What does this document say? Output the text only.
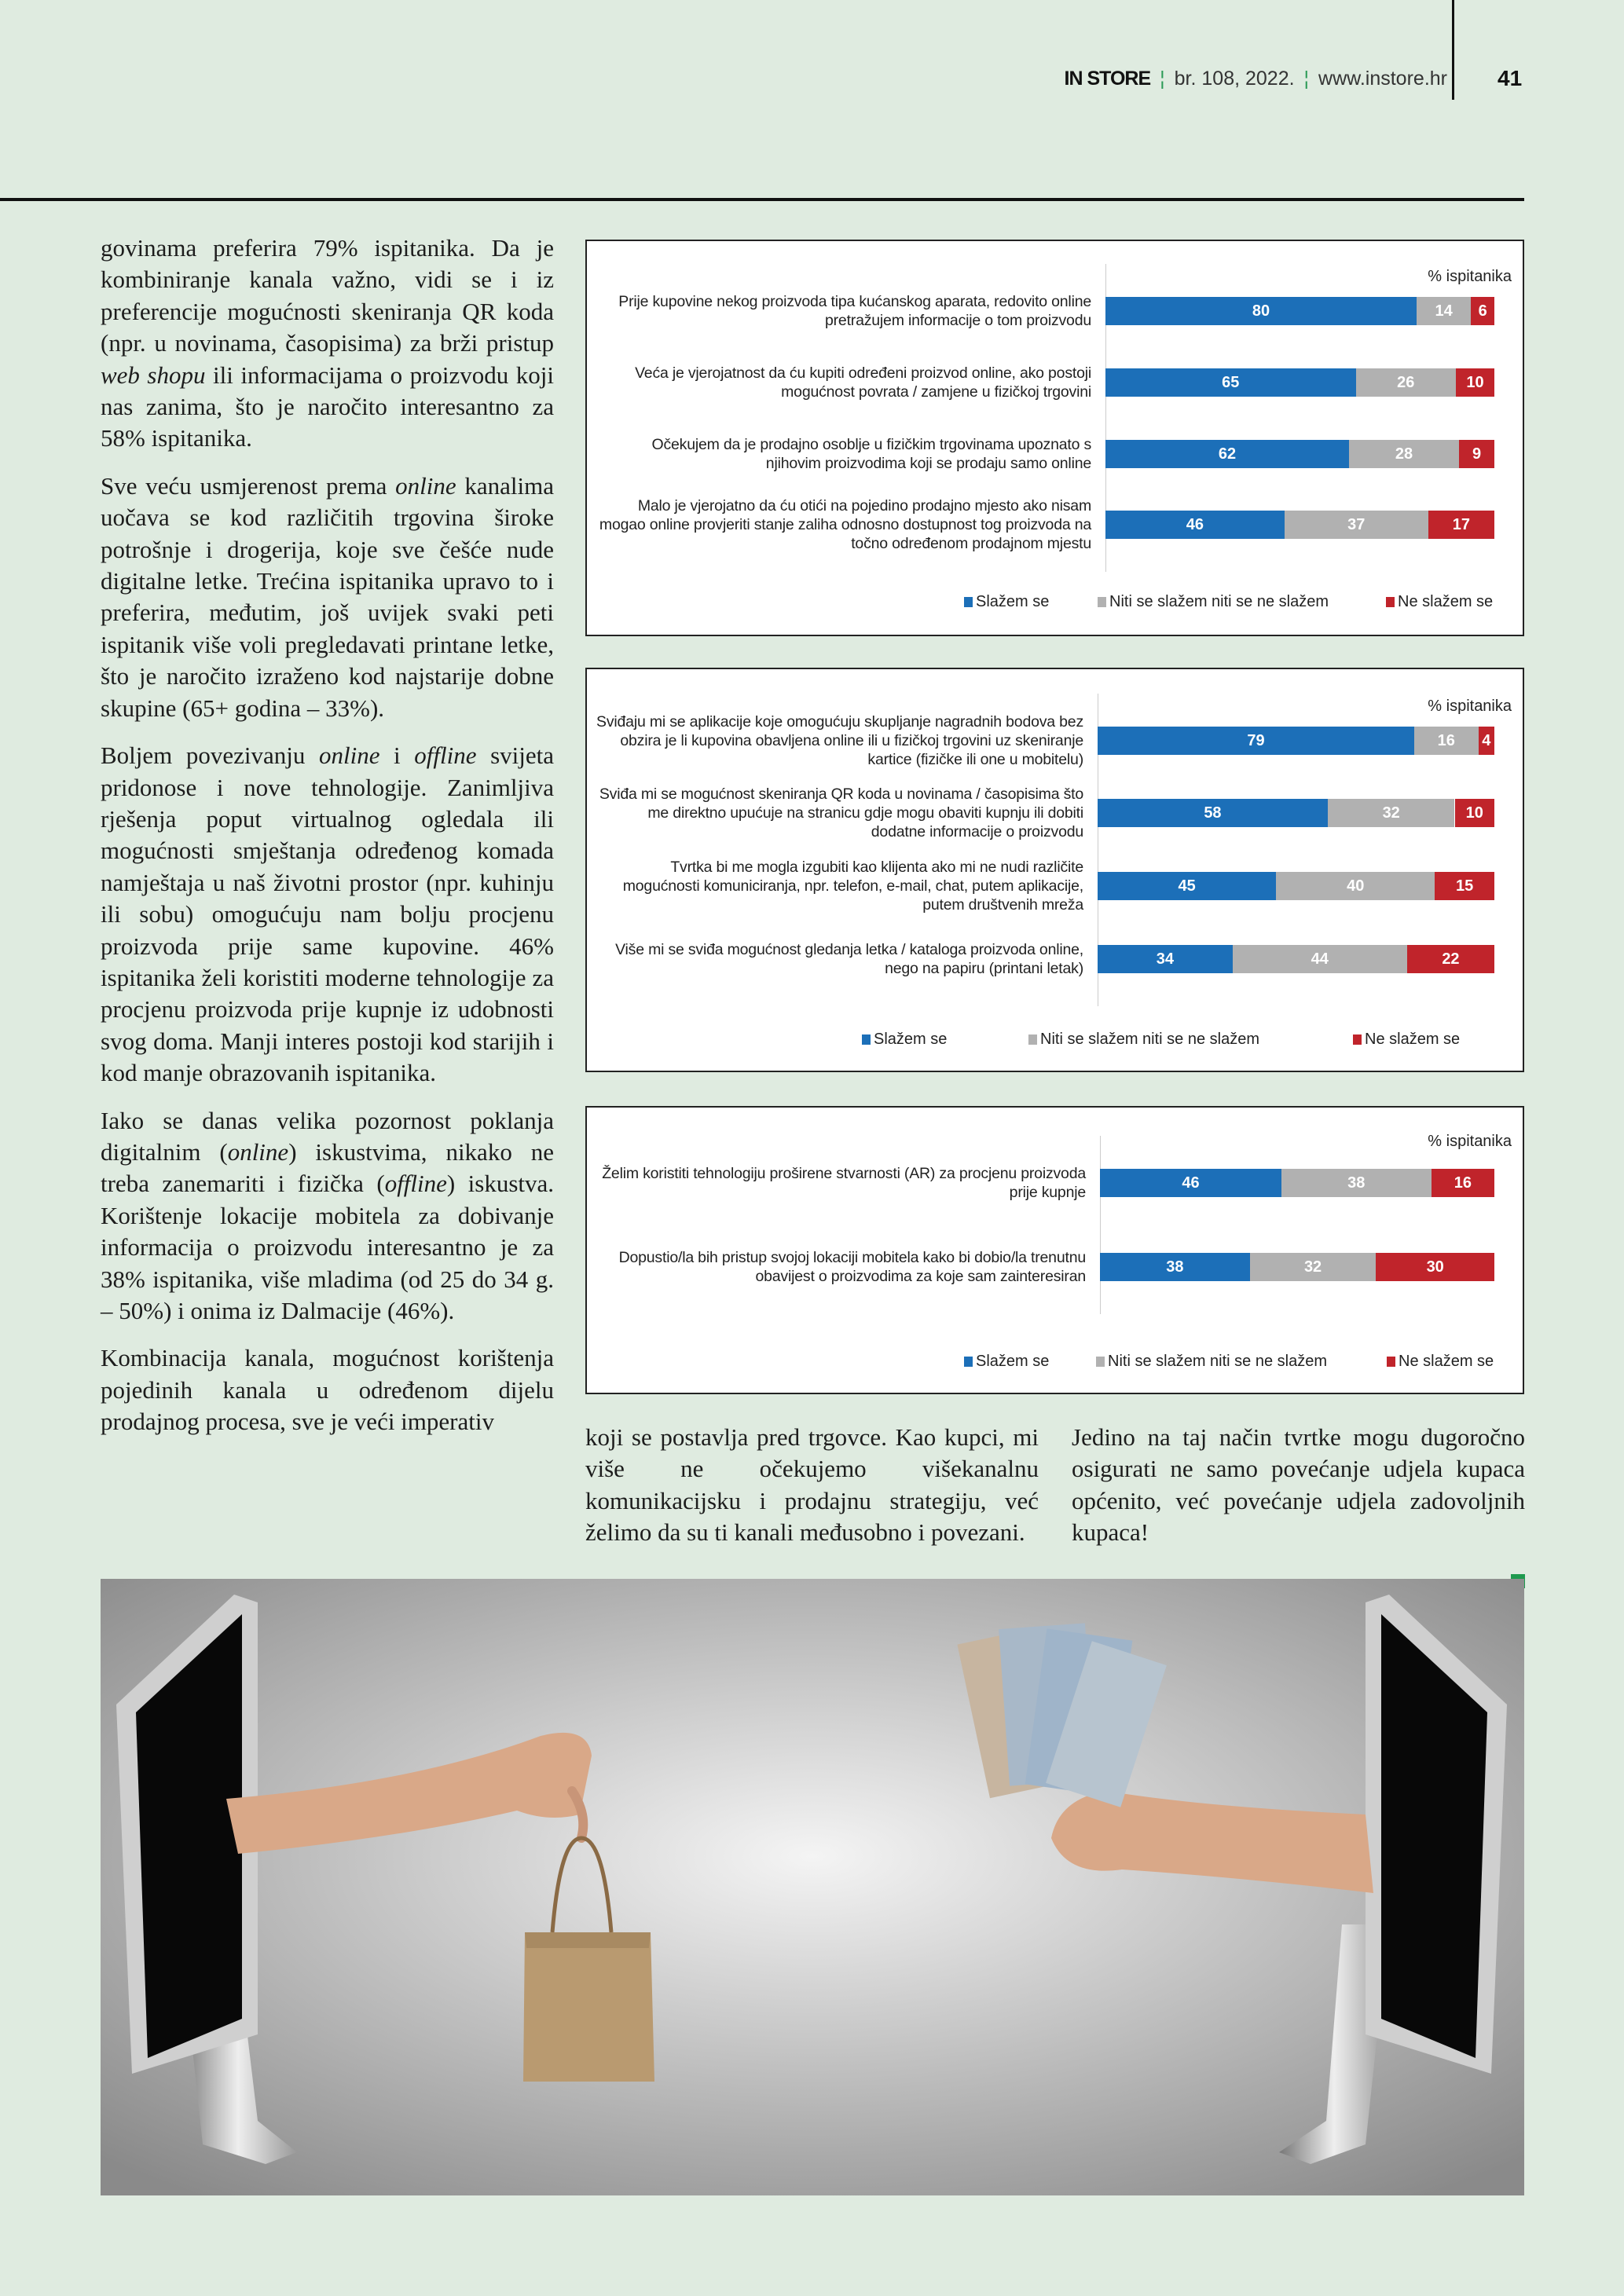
IN STORE ¦ br. 108, 2022. ¦ www.instore.hr 41

govinama preferira 79% ispitanika. Da je kombiniranje kanala važno, vidi se i iz preferencije mogućnosti skeniranja QR koda (npr. u novinama, časopisima) za brži pristup web shopu ili informacijama o proizvodu koji nas zanima, što je naročito interesantno za 58% ispitanika.

Sve veću usmjerenost prema online kanalima uočava se kod različitih trgovina široke potrošnje i drogerija, koje sve češće nude digitalne letke. Trećina ispitanika upravo to i preferira, međutim, još uvijek svaki peti ispitanik više voli pregledavati printane letke, što je naročito izraženo kod najstarije dobne skupine (65+ godina – 33%).

Boljem povezivanju online i offline svijeta pridonose i nove tehnologije. Zanimljiva rješenja poput virtualnog ogledala ili mogućnosti smještanja određenog komada namještaja u naš životni prostor (npr. kuhinju ili sobu) omogućuju nam bolju procjenu proizvoda prije same kupovine. 46% ispitanika želi koristiti moderne tehnologije za procjenu proizvoda prije kupnje iz udobnosti svog doma. Manji interes postoji kod starijih i kod manje obrazovanih ispitanika.

Iako se danas velika pozornost poklanja digitalnim (online) iskustvima, nikako ne treba zanemariti i fizička (offline) iskustva. Korištenje lokacije mobitela za dobivanje informacija o proizvodu interesantno je za 38% ispitanika, više mladima (od 25 do 34 g. – 50%) i onima iz Dalmacije (46%).

Kombinacija kanala, mogućnost korištenja pojedinih kanala u određenom dijelu prodajnog procesa, sve je veći imperativ

koji se postavlja pred trgovce. Kao kupci, mi više ne očekujemo višekanalnu komunikacijsku i prodajnu strategiju, već želimo da su ti kanali međusobno i povezani.

Jedino na taj način tvrtke mogu dugoročno osigurati ne samo povećanje udjela kupaca općenito, već povećanje udjela zadovoljnih kupaca!

% ispitanika
Prije kupovine nekog proizvoda tipa kućanskog aparata, redovito online pretražujem informacije o tom proizvodu
80	14 6
Veća je vjerojatnost da ću kupiti određeni proizvod online, ako postoji mogućnost povrata / zamjene u fizičkoj trgovini
65	26	10
Očekujem da je prodajno osoblje u fizičkim trgovinama upoznato s njihovim proizvodima koji se prodaju samo online
62	28	9
Malo je vjerojatno da ću otići na pojedino prodajno mjesto ako nisam mogao online provjeriti stanje zaliha odnosno dostupnost tog proizvoda na točno određenom prodajnom mjestu
46	37	17
Slažem se	Niti se slažem niti se ne slažem	Ne slažem se
% ispitanika
Sviđaju mi se aplikacije koje omogućuju skupljanje nagradnih bodova bez obzira je li kupovina obavljena online ili u fizičkoj trgovini uz skeniranje kartice (fizičke ili one u mobitelu)
79	16 4
Sviđa mi se mogućnost skeniranja QR koda u novinama / časopisima što me direktno upućuje na stranicu gdje mogu obaviti kupnju ili dobiti dodatne informacije o proizvodu
58	32	10
Tvrtka bi me mogla izgubiti kao klijenta ako mi ne nudi različite mogućnosti komuniciranja, npr. telefon, e-mail, chat, putem aplikacije, putem društvenih mreža
45	40	15
Više mi se sviđa mogućnost gledanja letka / kataloga proizvoda online, nego na papiru (printani letak)
34	44	22
Slažem se	Niti se slažem niti se ne slažem	Ne slažem se
% ispitanika
Želim koristiti tehnologiju proširene stvarnosti (AR) za procjenu proizvoda prije kupnje
46	38	16
Dopustio/la bih pristup svojoj lokaciji mobitela kako bi dobio/la trenutnu obavijest o proizvodima za koje sam zainteresiran
38	32	30
Slažem se	Niti se slažem niti se ne slažem	Ne slažem se
